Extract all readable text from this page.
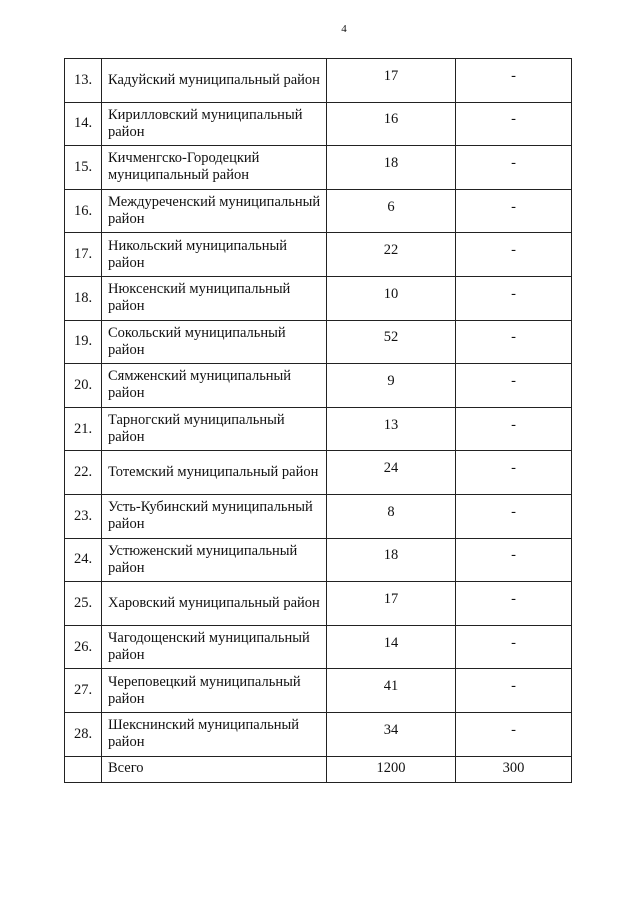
4
13.	Кадуйский муниципальный район	17	-
14.	Кирилловский муниципальный район	16	-
15.	Кичменгско-Городецкий муниципальный район	18	-
16.	Междуреченский муниципальный район	6	-
17.	Никольский муниципальный район	22	-
18.	Нюксенский муниципальный район	10	-
19.	Сокольский муниципальный район	52	-
20.	Сямженский муниципальный район	9	-
21.	Тарногский муниципальный район	13	-
22.	Тотемский муниципальный район	24	-
23.	Усть-Кубинский муниципальный район	8	-
24.	Устюженский муниципальный район	18	-
25.	Харовский муниципальный район	17	-
26.	Чагодощенский муниципальный район	14	-
27.	Череповецкий муниципальный район	41	-
28.	Шекснинский муниципальный район	34	-
	Всего	1200	300
